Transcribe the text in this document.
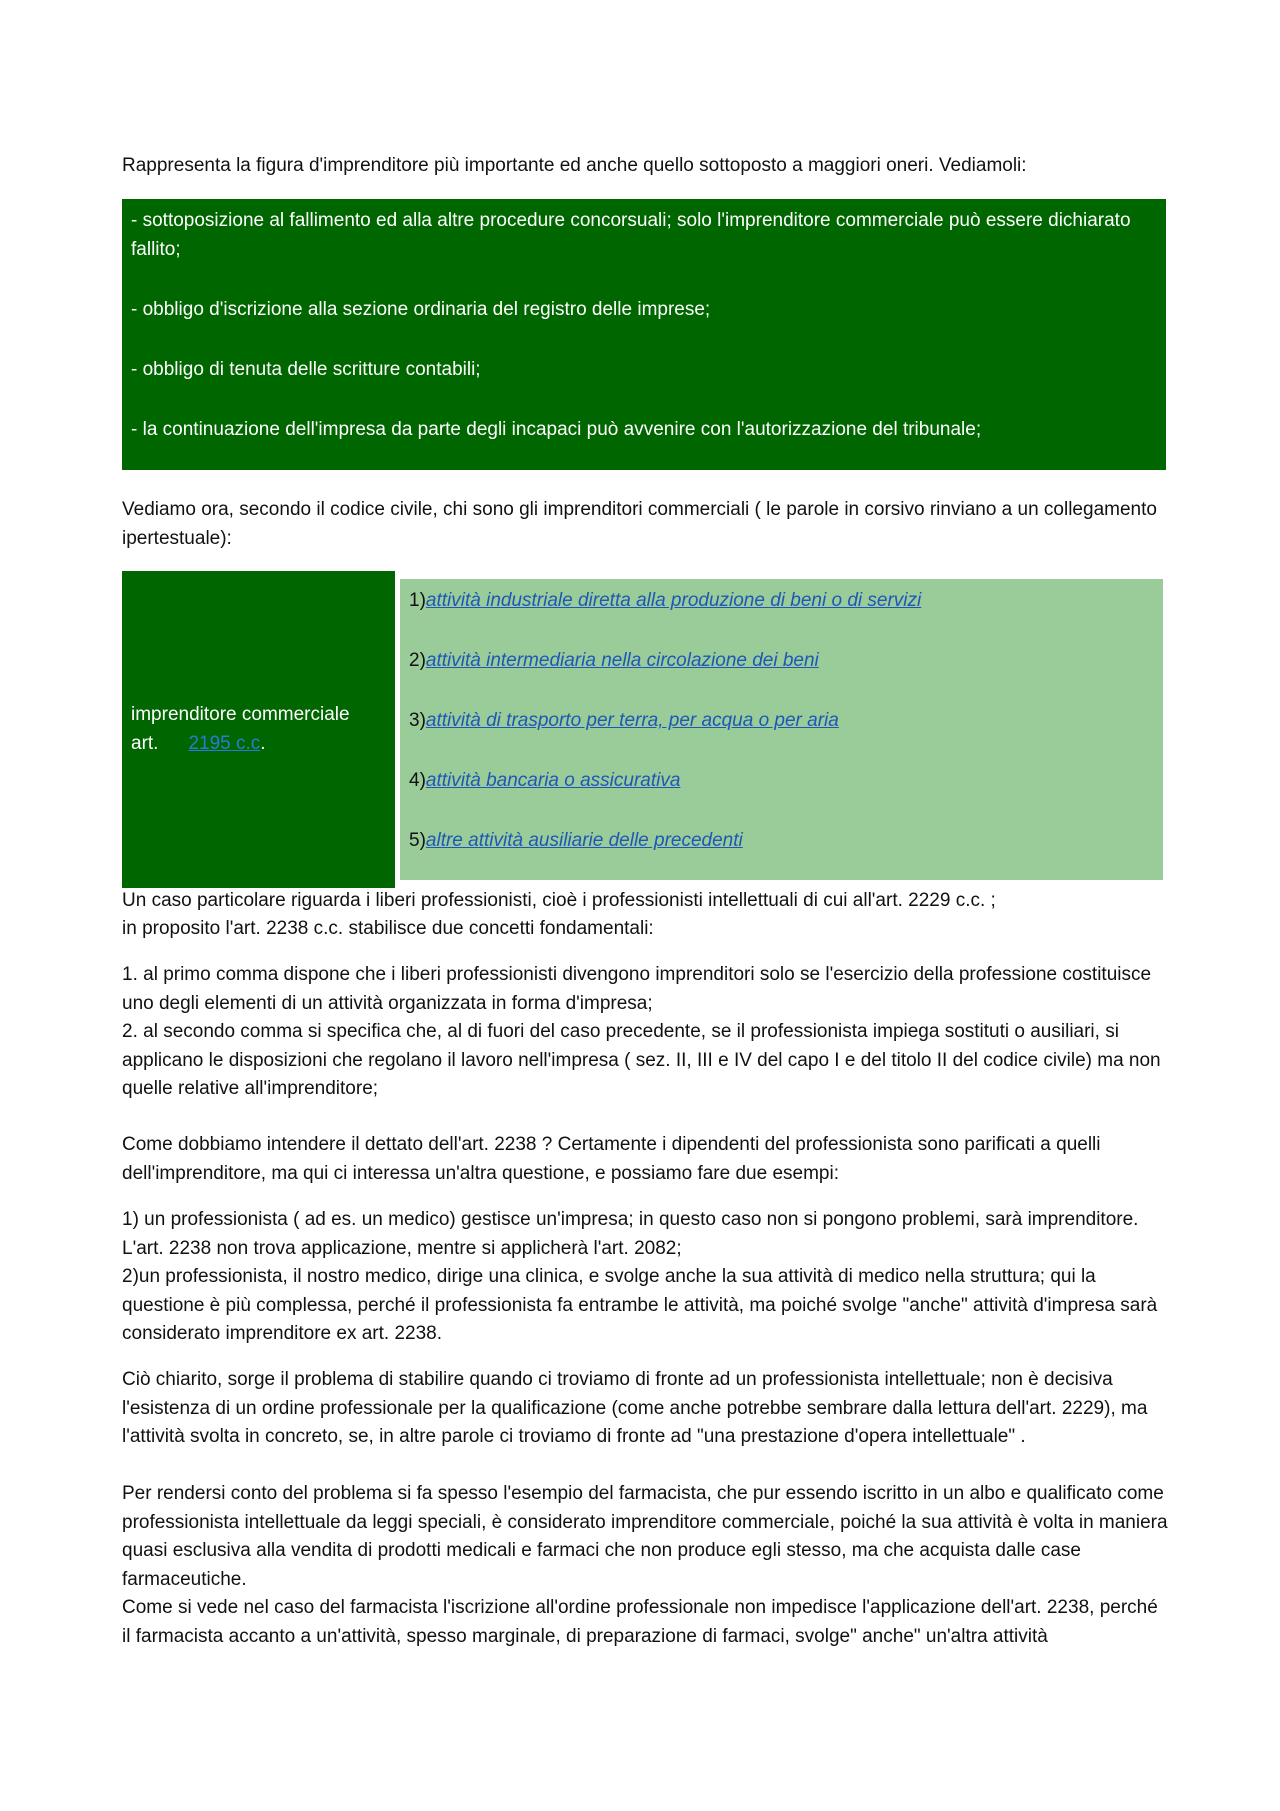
Rappresenta la figura d'imprenditore più importante ed anche quello sottoposto a maggiori oneri. Vediamoli:

- sottoposizione al fallimento ed alla altre procedure concorsuali; solo l'imprenditore commerciale può essere dichiarato fallito;

- obbligo d'iscrizione alla sezione ordinaria del registro delle imprese;

- obbligo di tenuta delle scritture contabili;

- la continuazione dell'impresa da parte degli incapaci può avvenire con l'autorizzazione del tribunale;

Vediamo ora, secondo il codice civile, chi sono gli imprenditori commerciali ( le parole in corsivo rinviano a un collegamento ipertestuale):

imprenditore commerciale
art. 2195 c.c.

1)attività industriale diretta alla produzione di beni o di servizi

2)attività intermediaria nella circolazione dei beni

3)attività di trasporto per terra, per acqua o per aria

4)attività bancaria o assicurativa

5)altre attività ausiliarie delle precedenti

Un caso particolare riguarda i liberi professionisti, cioè i professionisti intellettuali di cui all'art. 2229 c.c. ;

in proposito l'art. 2238 c.c. stabilisce due concetti fondamentali:

1. al primo comma dispone che i liberi professionisti divengono imprenditori solo se l'esercizio della professione costituisce uno degli elementi di un attività organizzata in forma d'impresa;

2. al secondo comma si specifica che, al di fuori del caso precedente, se il professionista impiega sostituti o ausiliari, si applicano le disposizioni che regolano il lavoro nell'impresa ( sez. II, III e IV del capo I e del titolo II del codice civile) ma non quelle relative all'imprenditore;

Come dobbiamo intendere il dettato dell'art. 2238 ? Certamente i dipendenti del professionista sono parificati a quelli dell'imprenditore, ma qui ci interessa un'altra questione, e possiamo fare due esempi:

1) un professionista ( ad es. un medico) gestisce un'impresa; in questo caso non si pongono problemi, sarà imprenditore. L'art. 2238 non trova applicazione, mentre si applicherà l'art. 2082;

2)un professionista, il nostro medico, dirige una clinica, e svolge anche la sua attività di medico nella struttura; qui la questione è più complessa, perché il professionista fa entrambe le attività, ma poiché svolge "anche" attività d'impresa sarà considerato imprenditore ex art. 2238.

Ciò chiarito, sorge il problema di stabilire quando ci troviamo di fronte ad un professionista intellettuale; non è decisiva l'esistenza di un ordine professionale per la qualificazione (come anche potrebbe sembrare dalla lettura dell'art. 2229), ma l'attività svolta in concreto, se, in altre parole ci troviamo di fronte ad "una prestazione d'opera intellettuale" .

Per rendersi conto del problema si fa spesso l'esempio del farmacista, che pur essendo iscritto in un albo e qualificato come professionista intellettuale da leggi speciali, è considerato imprenditore commerciale, poiché la sua attività è volta in maniera quasi esclusiva alla vendita di prodotti medicali e farmaci che non produce egli stesso, ma che acquista dalle case farmaceutiche.

Come si vede nel caso del farmacista l'iscrizione all'ordine professionale non impedisce l'applicazione dell'art. 2238, perché il farmacista accanto a un'attività, spesso marginale, di preparazione di farmaci, svolge" anche" un'altra attività
